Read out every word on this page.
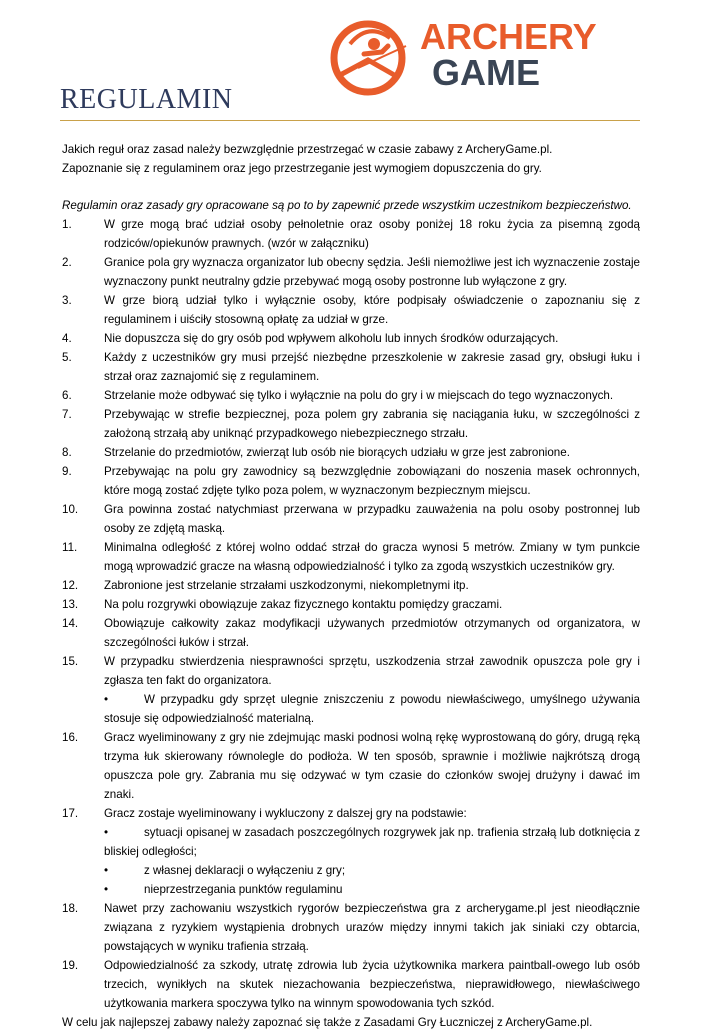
ARCHERY
GAME
REGULAMIN

Jakich reguł oraz zasad należy bezwzględnie przestrzegać w czasie zabawy z ArcheryGame.pl.

Zapoznanie się z regulaminem oraz jego przestrzeganie jest wymogiem dopuszczenia do gry.

Regulamin oraz zasady gry opracowane są po to by zapewnić przede wszystkim uczestnikom bezpieczeństwo.

1.	W grze mogą brać udział osoby pełnoletnie oraz osoby poniżej 18 roku życia za pisemną zgodą rodziców/opiekunów prawnych. (wzór w załączniku)
2.	Granice pola gry wyznacza organizator lub obecny sędzia. Jeśli niemożliwe jest ich wyznaczenie zostaje wyznaczony punkt neutralny gdzie przebywać mogą osoby postronne lub wyłączone z gry.
3.	W grze biorą udział tylko i wyłącznie osoby, które podpisały oświadczenie o zapoznaniu się z regulaminem i uiściły stosowną opłatę za udział w grze.
4.	Nie dopuszcza się do gry osób pod wpływem alkoholu lub innych środków odurzających.
5.	Każdy z uczestników gry musi przejść niezbędne przeszkolenie w zakresie zasad gry, obsługi łuku i strzał oraz zaznajomić się z regulaminem.
6.	Strzelanie może odbywać się tylko i wyłącznie na polu do gry i w miejscach do tego wyznaczonych.
7.	Przebywając w strefie bezpiecznej, poza polem gry zabrania się naciągania łuku, w szczególności z założoną strzałą aby uniknąć przypadkowego niebezpiecznego strzału.
8.	Strzelanie do przedmiotów, zwierząt lub osób nie biorących udziału w grze jest zabronione.
9.	Przebywając na polu gry zawodnicy są bezwzględnie zobowiązani do noszenia masek ochronnych, które mogą zostać zdjęte tylko poza polem, w wyznaczonym bezpiecznym miejscu.
10. Gra powinna zostać natychmiast przerwana w przypadku zauważenia na polu osoby postronnej lub osoby ze zdjętą maską.
11. Minimalna odległość z której wolno oddać strzał do gracza wynosi 5 metrów. Zmiany w tym punkcie mogą wprowadzić gracze na własną odpowiedzialność i tylko za zgodą wszystkich uczestników gry.
12. Zabronione jest strzelanie strzałami uszkodzonymi, niekompletnymi itp.
13. Na polu rozgrywki obowiązuje zakaz fizycznego kontaktu pomiędzy graczami.
14. Obowiązuje całkowity zakaz modyfikacji używanych przedmiotów otrzymanych od organizatora, w szczególności łuków i strzał.
15. W przypadku stwierdzenia niesprawności sprzętu, uszkodzenia strzał zawodnik opuszcza pole gry i zgłasza ten fakt do organizatora.
•	W przypadku gdy sprzęt ulegnie zniszczeniu z powodu niewłaściwego, umyślnego używania stosuje się odpowiedzialność materialną.
16. Gracz wyeliminowany z gry nie zdejmując maski podnosi wolną rękę wyprostowaną do góry, drugą ręką trzyma łuk skierowany równolegle do podłoża. W ten sposób, sprawnie i możliwie najkrótszą drogą opuszcza pole gry. Zabrania mu się odzywać w tym czasie do członków swojej drużyny i dawać im znaki.
17. Gracz zostaje wyeliminowany i wykluczony z dalszej gry na podstawie:
•	sytuacji opisanej w zasadach poszczególnych rozgrywek jak np. trafienia strzałą lub dotknięcia z bliskiej odległości;
•	z własnej deklaracji o wyłączeniu z gry;
•	nieprzestrzegania punktów regulaminu
18. Nawet przy zachowaniu wszystkich rygorów bezpieczeństwa gra z archerygame.pl jest nieodłącznie związana z ryzykiem wystąpienia drobnych urazów między innymi takich jak siniaki czy obtarcia, powstających w wyniku trafienia strzałą.
19. Odpowiedzialność za szkody, utratę zdrowia lub życia użytkownika markera paintball-owego lub osób trzecich, wynikłych na skutek niezachowania bezpieczeństwa, nieprawidłowego, niewłaściwego użytkowania markera spoczywa tylko na winnym spowodowania tych szkód.

W celu jak najlepszej zabawy należy zapoznać się także z Zasadami Gry Łuczniczej z ArcheryGame.pl.
